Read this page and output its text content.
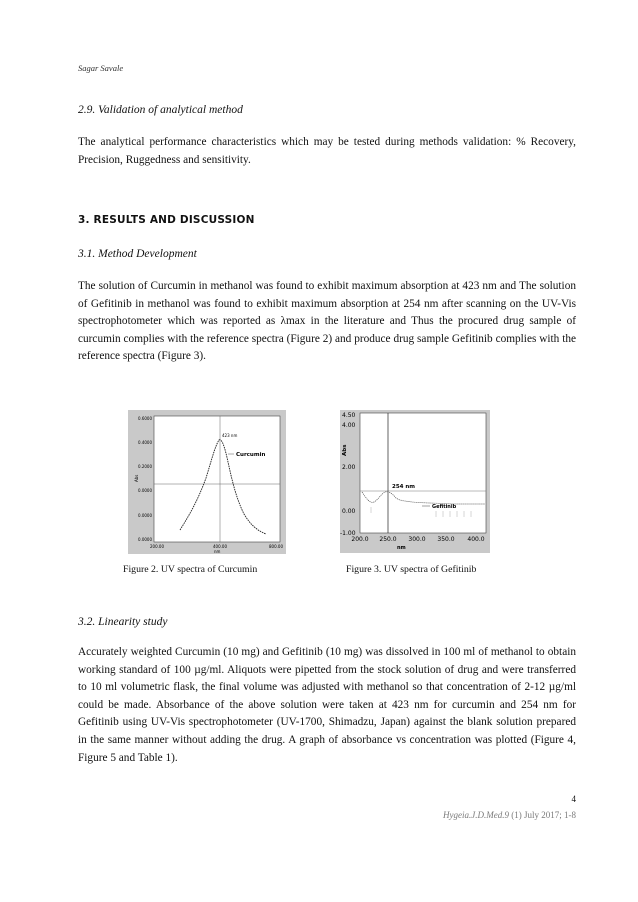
Sagar Savale
2.9. Validation of analytical method
The analytical performance characteristics which may be tested during methods validation: % Recovery, Precision, Ruggedness and sensitivity.
3. RESULTS AND DISCUSSION
3.1. Method Development
The solution of Curcumin in methanol was found to exhibit maximum absorption at 423 nm and The solution of Gefitinib in methanol was found to exhibit maximum absorption at 254 nm after scanning on the UV-Vis spectrophotometer which was reported as λmax in the literature and Thus the procured drug sample of curcumin complies with the reference spectra (Figure 2) and produce drug sample Gefitinib complies with the reference spectra (Figure 3).
0.6000
0.4000
0.2000
0.0000
0.0000
0.0000
200.00	400.00	800.00
Abs
nm
423 nm
Curcumin
4.50
4.00
2.00
0.00
-1.00
200.0 250.0 300.0 350.0 400.0
Abs
nm
254 nm
Gefitinib
Figure 2. UV spectra of Curcumin	Figure 3. UV spectra of Gefitinib
3.2. Linearity study
Accurately weighted Curcumin (10 mg) and Gefitinib (10 mg) was dissolved in 100 ml of methanol to obtain working standard of 100 µg/ml. Aliquots were pipetted from the stock solution of drug and were transferred to 10 ml volumetric flask, the final volume was adjusted with methanol so that concentration of 2-12 µg/ml could be made. Absorbance of the above solution were taken at 423 nm for curcumin and 254 nm for Gefitinib using UV-Vis spectrophotometer (UV-1700, Shimadzu, Japan) against the blank solution prepared in the same manner without adding the drug. A graph of absorbance vs concentration was plotted (Figure 4, Figure 5 and Table 1).
4
Hygeia.J.D.Med.9 (1) July 2017; 1-8
